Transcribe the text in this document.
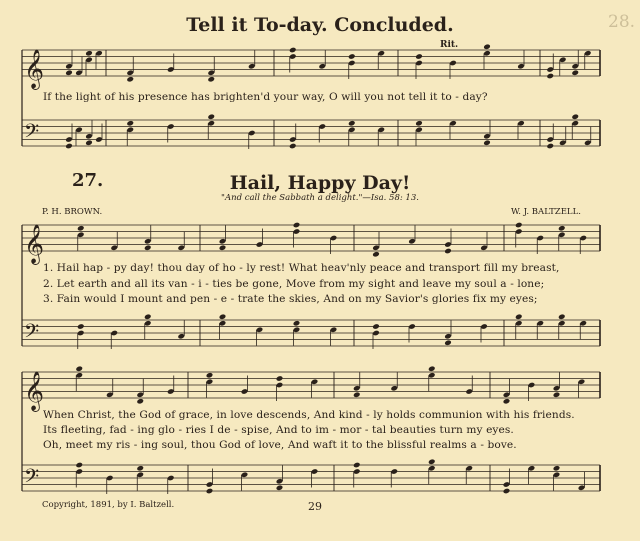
28.
Tell it To-day. Concluded.
Rit.
If the light of his presence has brighten'd your way, O will you not tell it to - day?
27.	Hail, Happy Day!
"And call the Sabbath a delight."—Isa. 58: 13.
P. H. BROWN.	W. J. BALTZELL.
1. Hail hap - py day! thou day of ho - ly rest! What heav'nly peace and transport fill my breast,
2. Let earth and all its van - i - ties be gone, Move from my sight and leave my soul a - lone;
3. Fain would I mount and pen - e - trate the skies, And on my Savior's glories fix my eyes;
When Christ, the God of grace, in love descends, And kind - ly holds communion with his friends.
Its fleeting, fad - ing glo - ries I de - spise, And to im - mor - tal beauties turn my eyes.
Oh, meet my ris - ing soul, thou God of love, And waft it to the blissful realms a - bove.
Copyright, 1891, by I. Baltzell.	29
𝄞
𝄢
𝄞
𝄢
𝄞
𝄢
